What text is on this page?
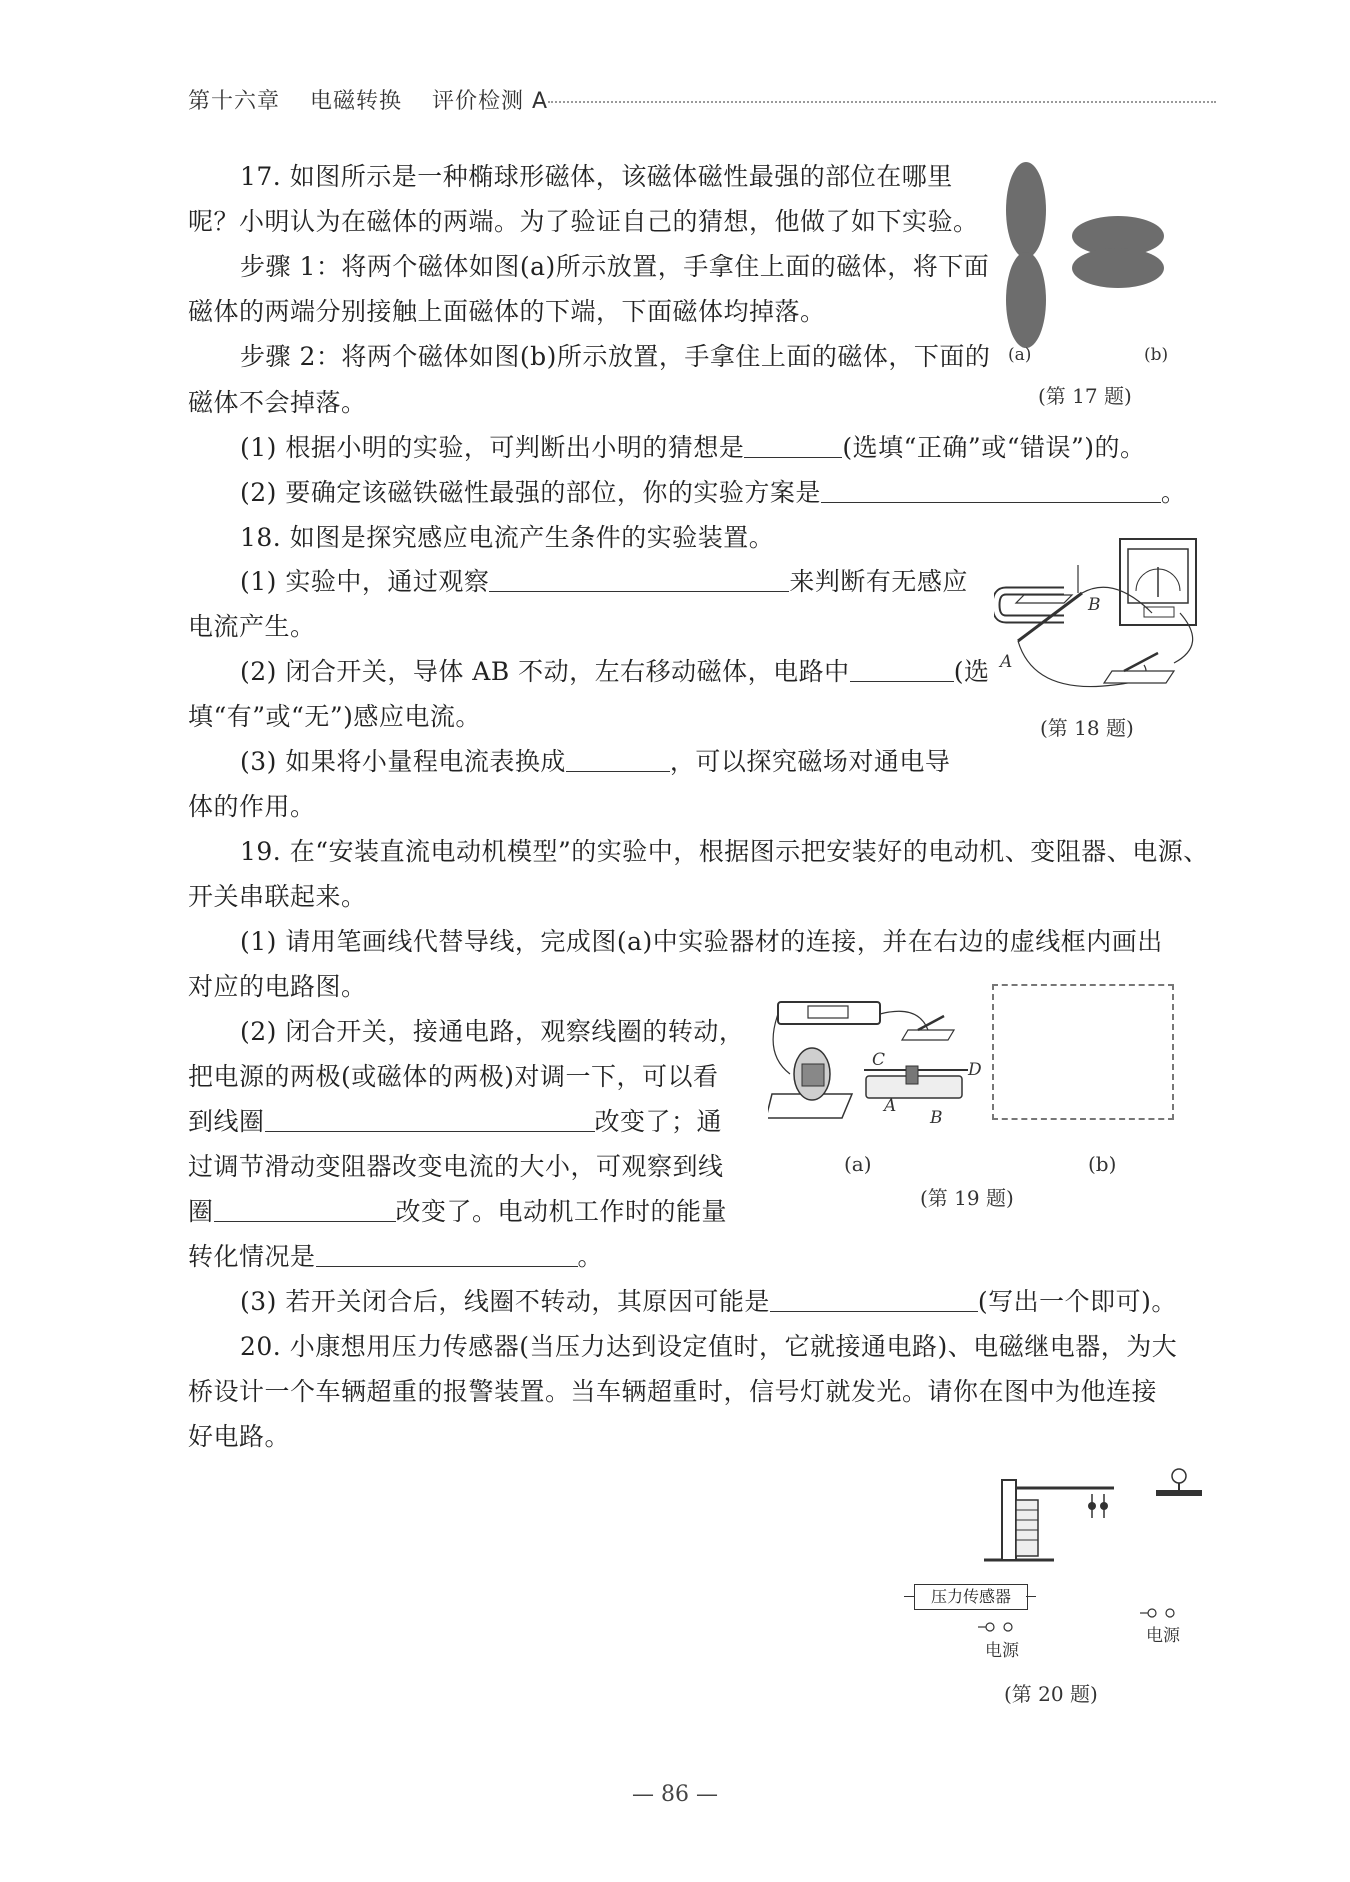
第十六章 电磁转换 评价检测 A
17. 如图所示是一种椭球形磁体，该磁体磁性最强的部位在哪里
呢？小明认为在磁体的两端。为了验证自己的猜想，他做了如下实验。
步骤 1：将两个磁体如图(a)所示放置，手拿住上面的磁体，将下面
磁体的两端分别接触上面磁体的下端，下面磁体均掉落。
步骤 2：将两个磁体如图(b)所示放置，手拿住上面的磁体，下面的
磁体不会掉落。
(1) 根据小明的实验，可判断出小明的猜想是	(选填“正确”或“错误”)的。
(2) 要确定该磁铁磁性最强的部位，你的实验方案是	。
(a)	(b)
(第 17 题)
18. 如图是探究感应电流产生条件的实验装置。
(1) 实验中，通过观察	来判断有无感应
电流产生。
(2) 闭合开关，导体 AB 不动，左右移动磁体，电路中	(选
填“有”或“无”)感应电流。
(3) 如果将小量程电流表换成	，可以探究磁场对通电导
体的作用。
B
A
(第 18 题)
19. 在“安装直流电动机模型”的实验中，根据图示把安装好的电动机、变阻器、电源、
开关串联起来。
(1) 请用笔画线代替导线，完成图(a)中实验器材的连接，并在右边的虚线框内画出
对应的电路图。
(2) 闭合开关，接通电路，观察线圈的转动，
把电源的两极(或磁体的两极)对调一下，可以看
到线圈	改变了；通
过调节滑动变阻器改变电流的大小，可观察到线
圈	改变了。电动机工作时的能量
转化情况是	。
(3) 若开关闭合后，线圈不转动，其原因可能是	(写出一个即可)。
C	D
A
B
(a)	(b)
(第 19 题)
20. 小康想用压力传感器(当压力达到设定值时，它就接通电路)、电磁继电器，为大
桥设计一个车辆超重的报警装置。当车辆超重时，信号灯就发光。请你在图中为他连接
好电路。
压力传感器
电源
电源
(第 20 题)
— 86 —
